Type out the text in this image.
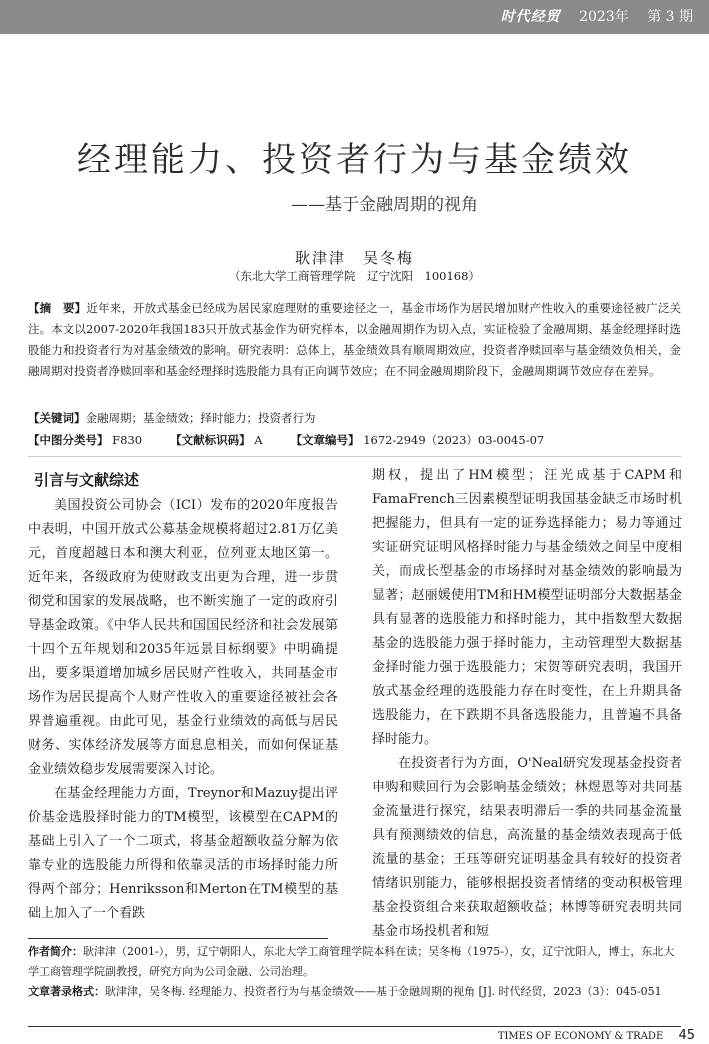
时代经贸 2023年 第 3 期
经理能力、投资者行为与基金绩效
——基于金融周期的视角
耿津津　吴冬梅
（东北大学工商管理学院　辽宁沈阳　100168）
【摘　要】近年来，开放式基金已经成为居民家庭理财的重要途径之一，基金市场作为居民增加财产性收入的重要途径被广泛关注。本文以2007-2020年我国183只开放式基金作为研究样本，以金融周期作为切入点，实证检验了金融周期、基金经理择时选股能力和投资者行为对基金绩效的影响。研究表明：总体上，基金绩效具有顺周期效应，投资者净赎回率与基金绩效负相关，金融周期对投资者净赎回率和基金经理择时选股能力具有正向调节效应；在不同金融周期阶段下，金融周期调节效应存在差异。
【关键词】金融周期；基金绩效；择时能力；投资者行为
【中图分类号】 F830 【文献标识码】 A 【文章编号】 1672-2949（2023）03-0045-07
引言与文献综述

美国投资公司协会（ICI）发布的2020年度报告中表明，中国开放式公募基金规模将超过2.81万亿美元，首度超越日本和澳大利亚，位列亚太地区第一。近年来，各级政府为使财政支出更为合理，进一步贯彻党和国家的发展战略，也不断实施了一定的政府引导基金政策。《中华人民共和国国民经济和社会发展第十四个五年规划和2035年远景目标纲要》中明确提出，要多渠道增加城乡居民财产性收入，共同基金市场作为居民提高个人财产性收入的重要途径被社会各界普遍重视。由此可见，基金行业绩效的高低与居民财务、实体经济发展等方面息息相关，而如何保证基金业绩效稳步发展需要深入讨论。

在基金经理能力方面，Treynor和Mazuy提出评价基金选股择时能力的TM模型，该模型在CAPM的基础上引入了一个二项式，将基金超额收益分解为依靠专业的选股能力所得和依靠灵活的市场择时能力所得两个部分；Henriksson和Merton在TM模型的基础上加入了一个看跌

期权，提出了HM模型；汪光成基于CAPM和FamaFrench三因素模型证明我国基金缺乏市场时机把握能力，但具有一定的证券选择能力；易力等通过实证研究证明风格择时能力与基金绩效之间呈中度相关，而成长型基金的市场择时对基金绩效的影响最为显著；赵丽媛使用TM和HM模型证明部分大数据基金具有显著的选股能力和择时能力，其中指数型大数据基金的选股能力强于择时能力，主动管理型大数据基金择时能力强于选股能力；宋贺等研究表明，我国开放式基金经理的选股能力存在时变性，在上升期具备选股能力，在下跌期不具备选股能力，且普遍不具备择时能力。

在投资者行为方面，O'Neal研究发现基金投资者申购和赎回行为会影响基金绩效；林煜恩等对共同基金流量进行探究，结果表明滞后一季的共同基金流量具有预测绩效的信息，高流量的基金绩效表现高于低流量的基金；王珏等研究证明基金具有较好的投资者情绪识别能力，能够根据投资者情绪的变动积极管理基金投资组合来获取超额收益；林博等研究表明共同基金市场投机者和短

作者简介：耿津津（2001-），男，辽宁朝阳人，东北大学工商管理学院本科在读；吴冬梅（1975-），女，辽宁沈阳人，博士，东北大学工商管理学院副教授，研究方向为公司金融、公司治理。
文章著录格式：耿津津，吴冬梅. 经理能力、投资者行为与基金绩效——基于金融周期的视角 [J]. 时代经贸，2023（3）：045-051
TIMES OF ECONOMY & TRADE 45
